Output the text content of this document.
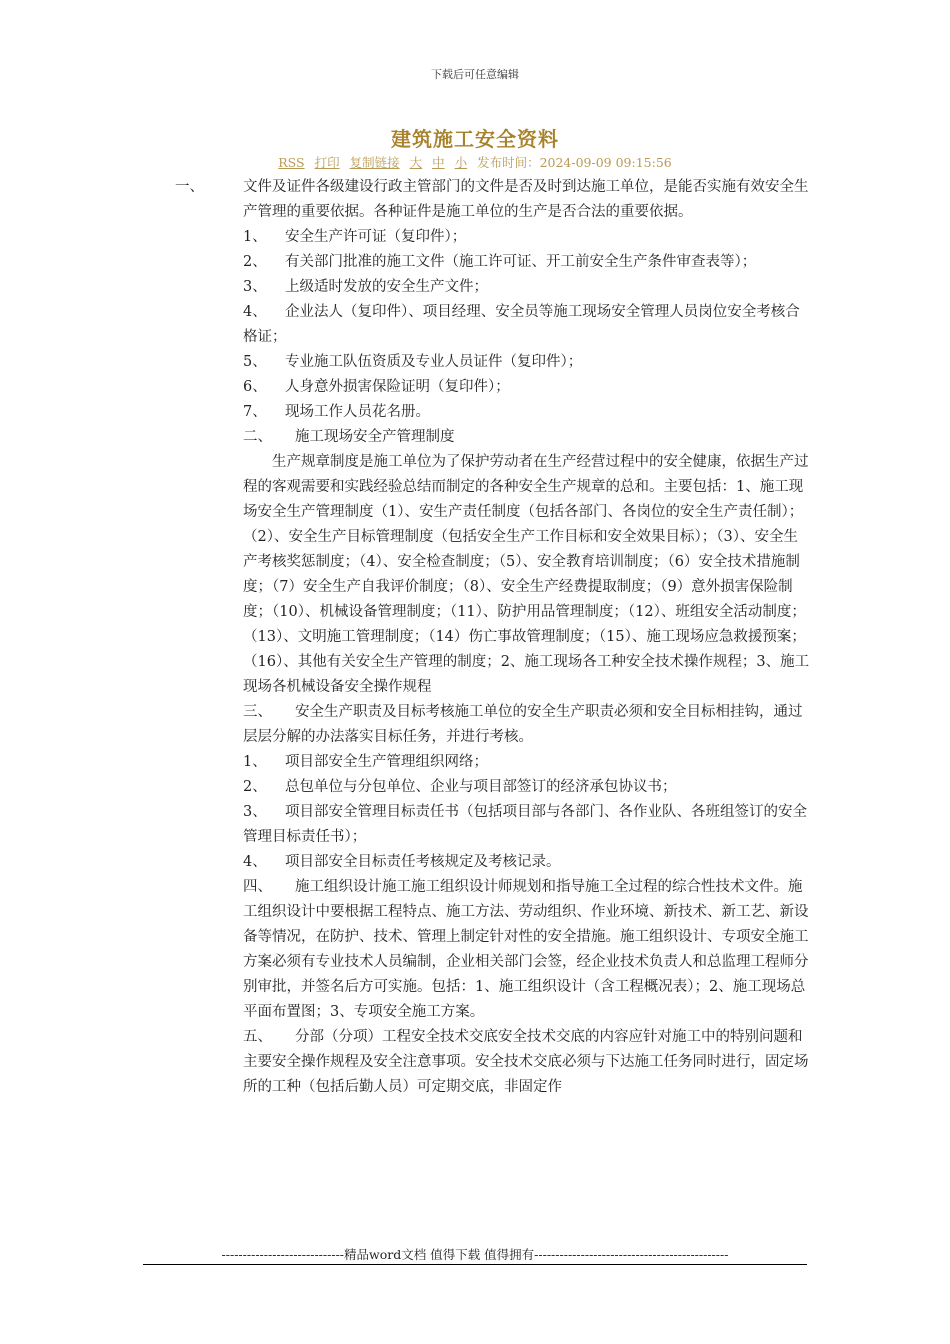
下载后可任意编辑
建筑施工安全资料
RSS 打印 复制链接 大 中 小 发布时间：2024-09-09 09:15:56
一、	文件及证件各级建设行政主管部门的文件是否及时到达施工单位，是能否实施有效安全生产管理的重要依据。各种证件是施工单位的生产是否合法的重要依据。

1、 安全生产许可证（复印件）；

2、 有关部门批准的施工文件（施工许可证、开工前安全生产条件审查表等）；

3、 上级适时发放的安全生产文件；

4、 企业法人（复印件）、项目经理、安全员等施工现场安全管理人员岗位安全考核合格证；

5、 专业施工队伍资质及专业人员证件（复印件）；

6、 人身意外损害保险证明（复印件）；

7、 现场工作人员花名册。

二、 施工现场安全产管理制度

生产规章制度是施工单位为了保护劳动者在生产经营过程中的安全健康，依据生产过程的客观需要和实践经验总结而制定的各种安全生产规章的总和。主要包括：1、施工现场安全生产管理制度（1）、安生产责任制度（包括各部门、各岗位的安全生产责任制）；（2）、安全生产目标管理制度（包括安全生产工作目标和安全效果目标）；（3）、安全生产考核奖惩制度；（4）、安全检查制度；（5）、安全教育培训制度；（6）安全技术措施制度；（7）安全生产自我评价制度；（8）、安全生产经费提取制度；（9）意外损害保险制度；（10）、机械设备管理制度；（11）、防护用品管理制度；（12）、班组安全活动制度；（13）、文明施工管理制度；（14）伤亡事故管理制度；（15）、施工现场应急救援预案；（16）、其他有关安全生产管理的制度；2、施工现场各工种安全技术操作规程；3、施工现场各机械设备安全操作规程

三、 安全生产职责及目标考核施工单位的安全生产职责必须和安全目标相挂钩，通过层层分解的办法落实目标任务，并进行考核。

1、 项目部安全生产管理组织网络；

2、 总包单位与分包单位、企业与项目部签订的经济承包协议书；

3、 项目部安全管理目标责任书（包括项目部与各部门、各作业队、各班组签订的安全管理目标责任书）；

4、 项目部安全目标责任考核规定及考核记录。

四、 施工组织设计施工施工组织设计师规划和指导施工全过程的综合性技术文件。施工组织设计中要根据工程特点、施工方法、劳动组织、作业环境、新技术、新工艺、新设备等情况，在防护、技术、管理上制定针对性的安全措施。施工组织设计、专项安全施工方案必须有专业技术人员编制，企业相关部门会签，经企业技术负责人和总监理工程师分别审批，并签名后方可实施。包括：1、施工组织设计（含工程概况表）；2、施工现场总平面布置图；3、专项安全施工方案。

五、 分部（分项）工程安全技术交底安全技术交底的内容应针对施工中的特别问题和主要安全操作规程及安全注意事项。安全技术交底必须与下达施工任务同时进行，固定场所的工种（包括后勤人员）可定期交底，非固定作

-----------------------------精品word文档 值得下载 值得拥有----------------------------------------------
